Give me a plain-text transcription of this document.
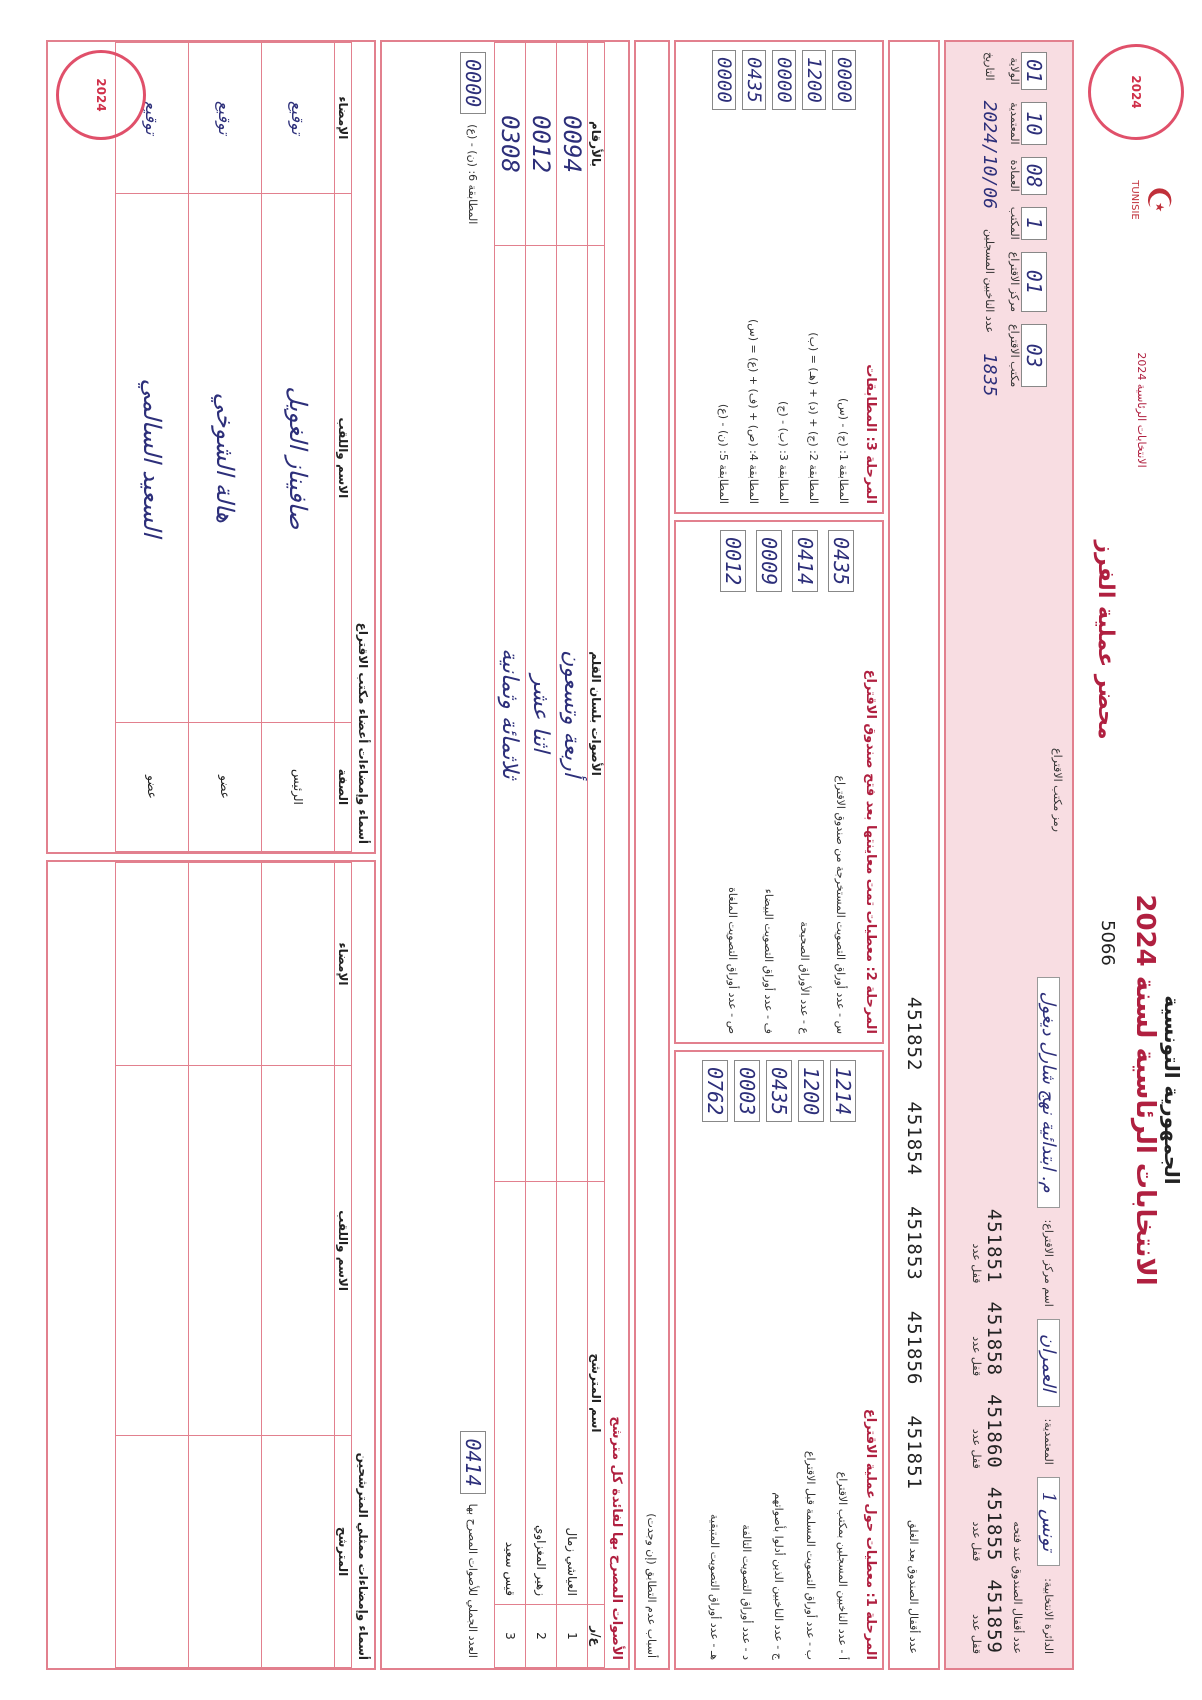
2024
☪
TUNISIE
الجمهورية التونسية
الانتخابات الرئاسية لسنة 2024
الانتخابات الرئاسية 2024
5066
محضر عملية الفرز
الدائرة الانتخابية:
تونس 1
المعتمدية:
العمران
اسم مركز الاقتراع:
م. ابتدائية نهج شارل ديغول
عدد أقفال الصندوق عند فتحه
451859
قفل عدد
451855
قفل عدد
451860
قفل عدد
451858
قفل عدد
451851
قفل عدد
رمز مكتب الاقتراع
01
الولاية
10
المعتمدية
08
العمادة
1
المكتب
01
مركز الاقتراع
03
مكتب الاقتراع
التاريخ
2024/10/06
عدد الناخبين المسجلين
1835
عدد أقفال الصندوق بعد الغلق
451851
451856
451853
451854
451852
المرحلة 1: معطيات حول عملية الاقتراع
أ - عدد الناخبين المسجلين بمكتب الاقتراع
1214
ب - عدد أوراق التصويت المسلمة قبل الاقتراع
1200
ج - عدد الناخبين الذين أدلوا بأصواتهم
0435
د - عدد أوراق التصويت التالفة
0003
هـ - عدد أوراق التصويت المتبقية
0762
المرحلة 2: معطيات تمت معاينتها بعد فتح صندوق الاقتراع
س - عدد أوراق التصويت المستخرجة من صندوق الاقتراع
0435
ع - عدد الأوراق الصحيحة
0414
ف - عدد أوراق التصويت البيضاء
0009
ص - عدد أوراق التصويت الملغاة
0012
المرحلة 3: المطابقات
المطابقة 1: (ج) - (س)
0000
المطابقة 2: (ج) + (د) + (هـ) = (ب)
1200
المطابقة 3: (ب) - (ج)
0000
المطابقة 4: (ص) + (ف) + (ع) = (س)
0435
المطابقة 5: (ن) - (ع)
0000
أسباب عدم التطابق (إن وجدت)
الأصوات المصرح بها لفائدة كل مترشح
ع/ر	اسم المترشح	الأصوات بلسان القلم	بالأرقام
1	العياشي زمال	أربعة وتسعون	0094
2	زهير المغزاوي	اثنا عشر	0012
3	قيس سعيد	ثلاثمائة وثمانية	0308
العدد الجملي للأصوات المصرح بها
0414
المطابقة 6: (ن) - (ع)
0000
أسماء وإمضاءات ممثلي المترشحين
المترشح	الاسم واللقب	الإمضاء

أسماء وإمضاءات أعضاء مكتب الاقتراع
الصفة	الاسم واللقب	الإمضاء
الرئيس	صافيناز الغويل	توقيع
عضو	هالة الشوخي	توقيع
عضو	السعيد السالمي	توقيع
2024
